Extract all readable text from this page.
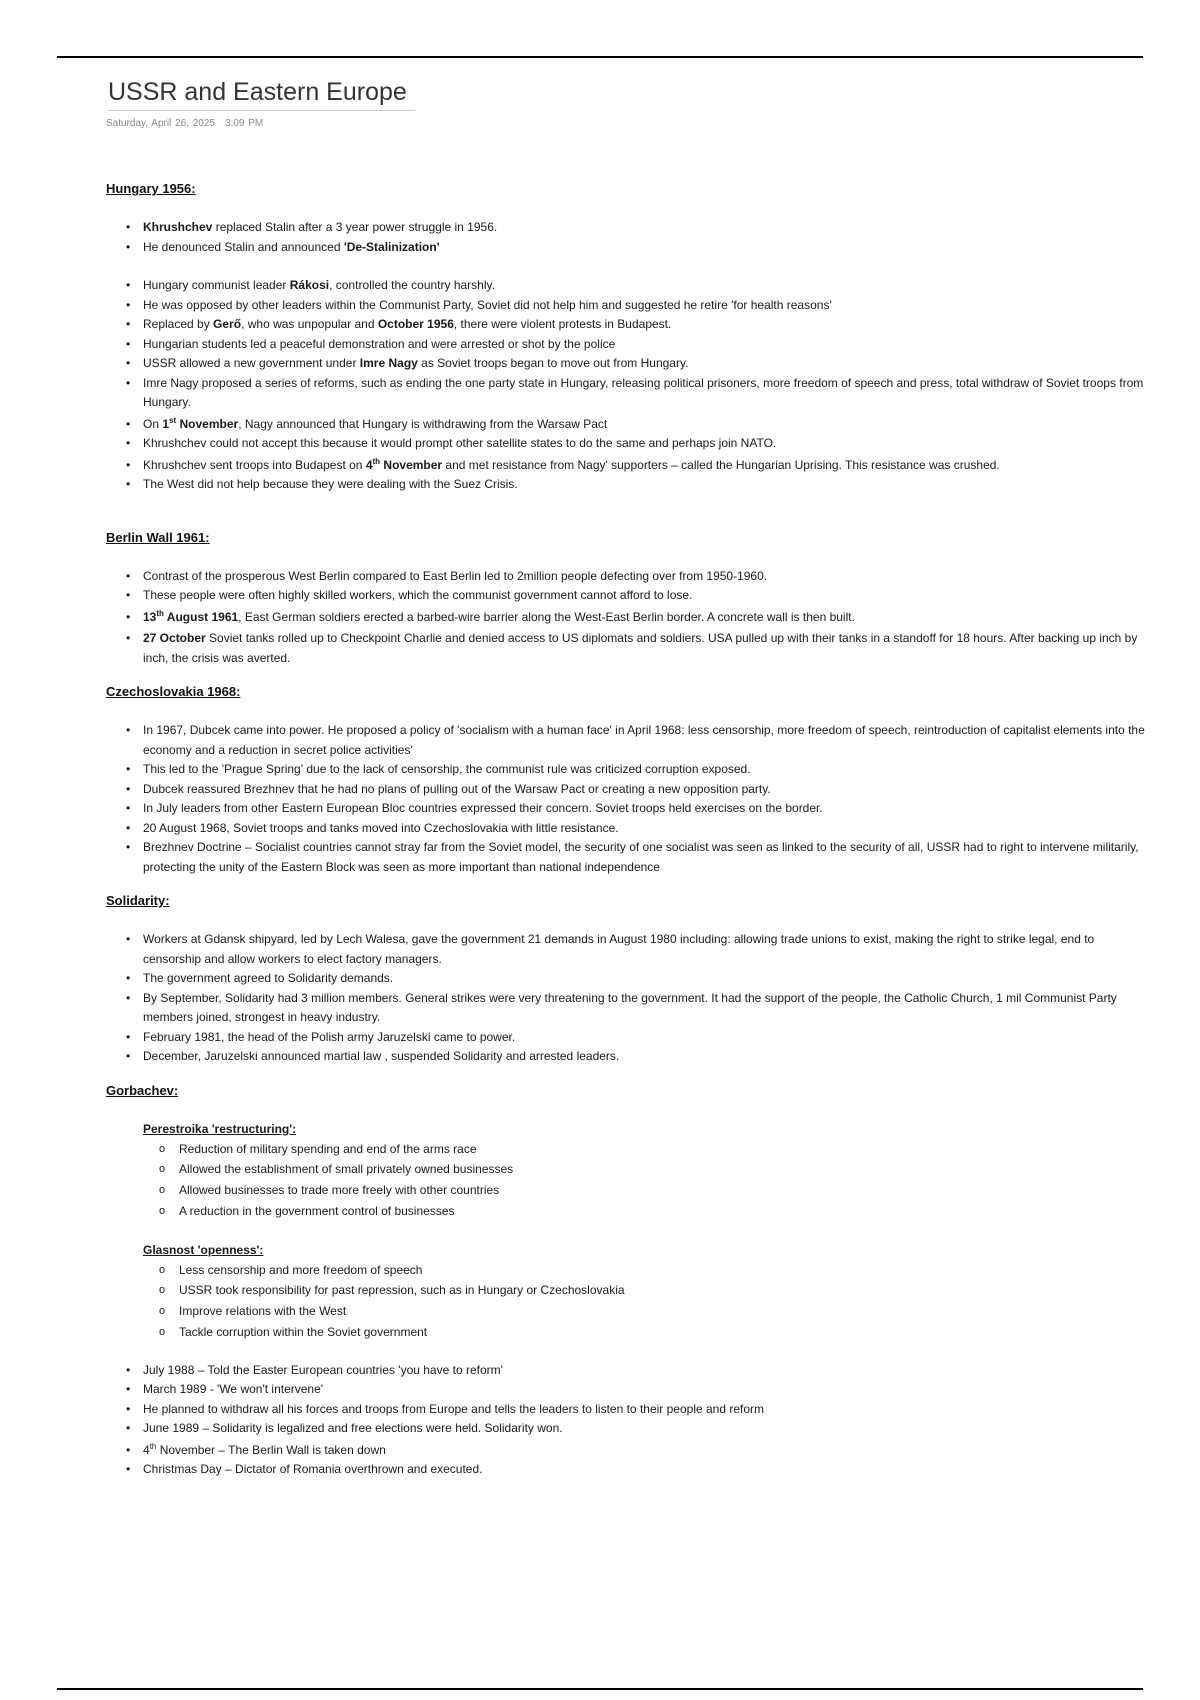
USSR and Eastern Europe
Saturday, April 26, 2025 3:09 PM
Hungary 1956:
• Khrushchev replaced Stalin after a 3 year power struggle in 1956.
• He denounced Stalin and announced 'De-Stalinization'
• Hungary communist leader Rákosi, controlled the country harshly.
• He was opposed by other leaders within the Communist Party, Soviet did not help him and suggested he retire 'for health reasons'
• Replaced by Gerő, who was unpopular and October 1956, there were violent protests in Budapest.
• Hungarian students led a peaceful demonstration and were arrested or shot by the police
• USSR allowed a new government under Imre Nagy as Soviet troops began to move out from Hungary.
• Imre Nagy proposed a series of reforms, such as ending the one party state in Hungary, releasing political prisoners, more freedom of speech and press, total withdraw of Soviet troops from Hungary.
• On 1st November, Nagy announced that Hungary is withdrawing from the Warsaw Pact
• Khrushchev could not accept this because it would prompt other satellite states to do the same and perhaps join NATO.
• Khrushchev sent troops into Budapest on 4th November and met resistance from Nagy' supporters – called the Hungarian Uprising. This resistance was crushed.
• The West did not help because they were dealing with the Suez Crisis.
Berlin Wall 1961:
• Contrast of the prosperous West Berlin compared to East Berlin led to 2million people defecting over from 1950-1960.
• These people were often highly skilled workers, which the communist government cannot afford to lose.
• 13th August 1961, East German soldiers erected a barbed-wire barrier along the West-East Berlin border. A concrete wall is then built.
• 27 October Soviet tanks rolled up to Checkpoint Charlie and denied access to US diplomats and soldiers. USA pulled up with their tanks in a standoff for 18 hours. After backing up inch by inch, the crisis was averted.
Czechoslovakia 1968:
• In 1967, Dubcek came into power. He proposed a policy of 'socialism with a human face' in April 1968: less censorship, more freedom of speech, reintroduction of capitalist elements into the economy and a reduction in secret police activities'
• This led to the 'Prague Spring' due to the lack of censorship, the communist rule was criticized corruption exposed.
• Dubcek reassured Brezhnev that he had no plans of pulling out of the Warsaw Pact or creating a new opposition party.
• In July leaders from other Eastern European Bloc countries expressed their concern. Soviet troops held exercises on the border.
• 20 August 1968, Soviet troops and tanks moved into Czechoslovakia with little resistance.
• Brezhnev Doctrine – Socialist countries cannot stray far from the Soviet model, the security of one socialist was seen as linked to the security of all, USSR had to right to intervene militarily, protecting the unity of the Eastern Block was seen as more important than national independence
Solidarity:
• Workers at Gdansk shipyard, led by Lech Walesa, gave the government 21 demands in August 1980 including: allowing trade unions to exist, making the right to strike legal, end to censorship and allow workers to elect factory managers.
• The government agreed to Solidarity demands.
• By September, Solidarity had 3 million members. General strikes were very threatening to the government. It had the support of the people, the Catholic Church, 1 mil Communist Party members joined, strongest in heavy industry.
• February 1981, the head of the Polish army Jaruzelski came to power.
• December, Jaruzelski announced martial law , suspended Solidarity and arrested leaders.
Gorbachev:
Perestroika 'restructuring':
o Reduction of military spending and end of the arms race
o Allowed the establishment of small privately owned businesses
o Allowed businesses to trade more freely with other countries
o A reduction in the government control of businesses
Glasnost 'openness':
o Less censorship and more freedom of speech
o USSR took responsibility for past repression, such as in Hungary or Czechoslovakia
o Improve relations with the West
o Tackle corruption within the Soviet government
• July 1988 – Told the Easter European countries 'you have to reform'
• March 1989 - 'We won't intervene'
• He planned to withdraw all his forces and troops from Europe and tells the leaders to listen to their people and reform
• June 1989 – Solidarity is legalized and free elections were held. Solidarity won.
• 4th November – The Berlin Wall is taken down
• Christmas Day – Dictator of Romania overthrown and executed.
